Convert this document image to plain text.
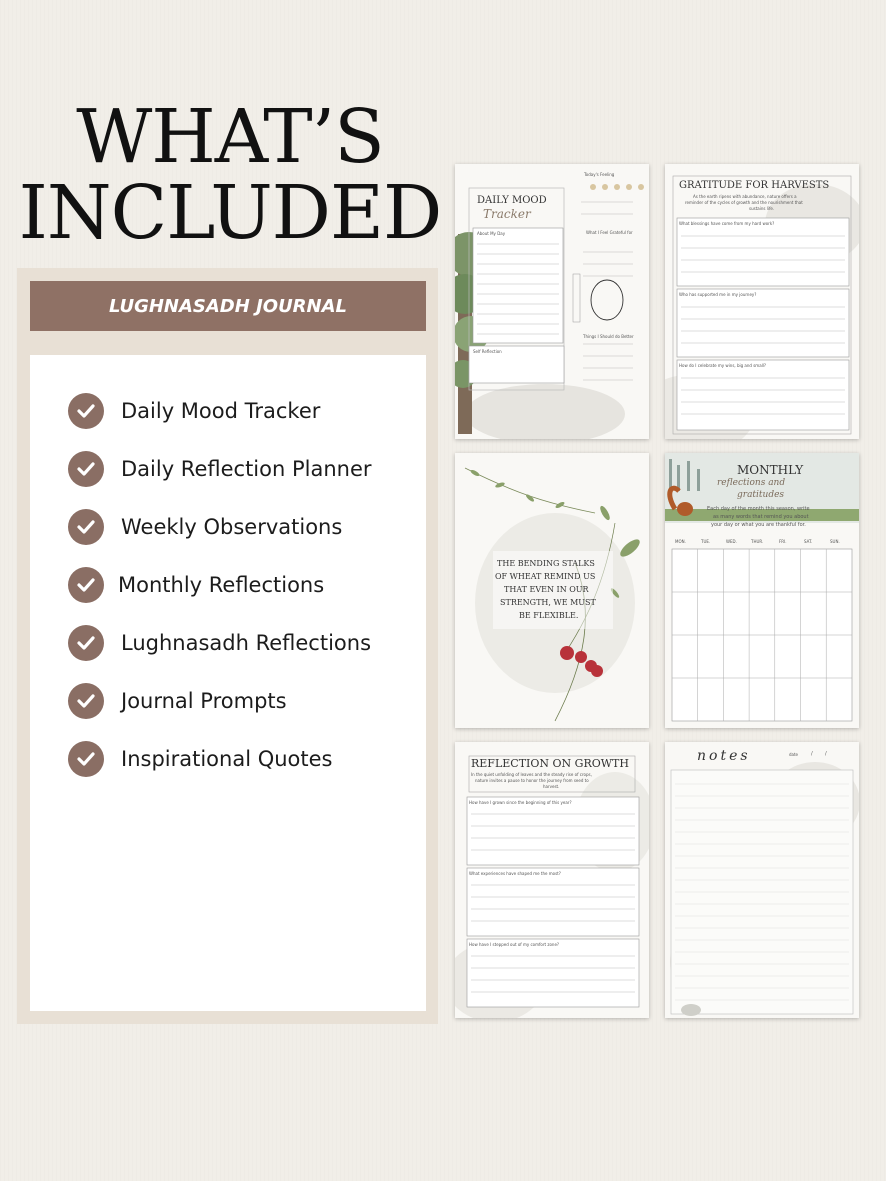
WHAT’S
INCLUDED
LUGHNASADH JOURNAL
Daily Mood Tracker
Daily Reflection Planner
Weekly Observations
Monthly Reflections
Lughnasadh Reflections
Journal Prompts
Inspirational Quotes
DAILY MOOD
Tracker
Today's Feeling
What I Feel Grateful for
About My Day
Self Reflection
Things I Should do Better
GRATITUDE FOR HARVESTS
As the earth ripens with abundance, nature offers a
reminder of the cycles of growth and the nourishment that
sustains life.
What blessings have come from my hard work?
Who has supported me in my journey?
How do I celebrate my wins, big and small?
THE BENDING STALKS
OF WHEAT REMIND US
THAT EVEN IN OUR
STRENGTH, WE MUST
BE FLEXIBLE.
MONTHLY
reflections and
gratitudes
Each day of the month this season, write
as many words that remind you about
your day or what you are thankful for.
MON.	TUE.	WED.	THUR.	FRI.	SAT.	SUN.
REFLECTION ON GROWTH
In the quiet unfolding of leaves and the steady rise of crops,
nature invites a pause to honor the journey from seed to
harvest.
How have I grown since the beginning of this year?
What experiences have shaped me the most?
How have I stepped out of my comfort zone?
notes	date	/ /
